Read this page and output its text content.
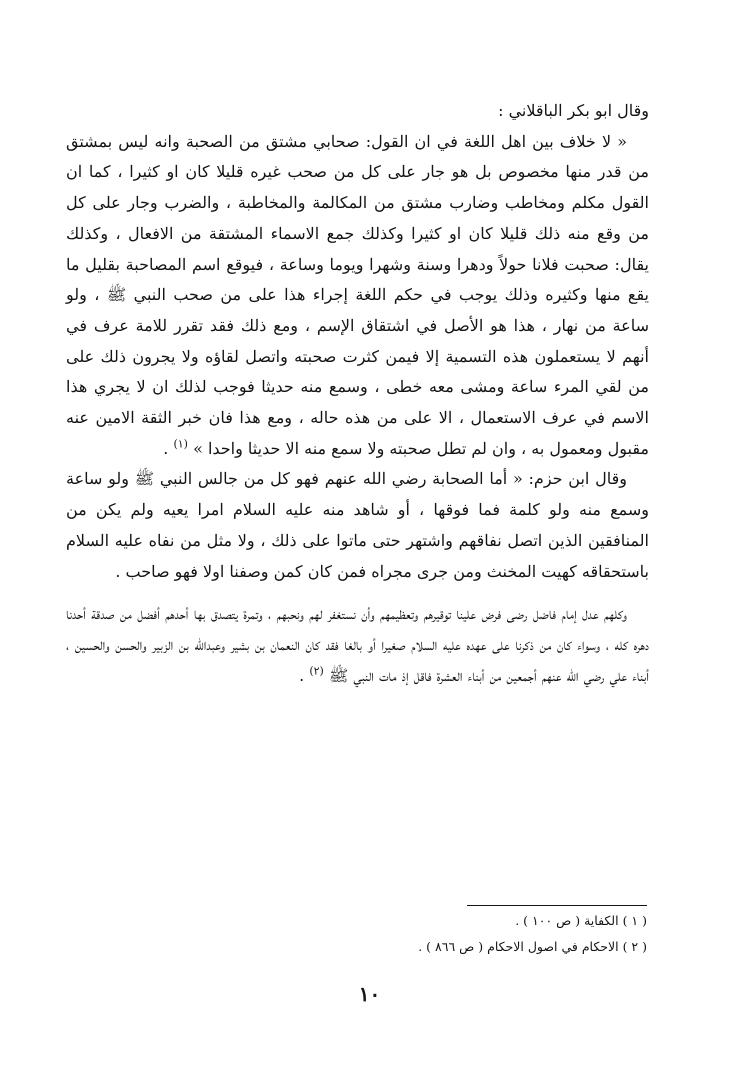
وقال ابو بكر الباقلاني :

« لا خلاف بين اهل اللغة في ان القول: صحابي مشتق من الصحبة وانه ليس بمشتق من قدر منها مخصوص بل هو جار على كل من صحب غيره قليلا كان او كثيرا ، كما ان القول مكلم ومخاطب وضارب مشتق من المكالمة والمخاطبة ، والضرب وجار على كل من وقع منه ذلك قليلا كان او كثيرا وكذلك جمع الاسماء المشتقة من الافعال ، وكذلك يقال: صحبت فلانا حولاً ودهرا وسنة وشهرا ويوما وساعة ، فيوقع اسم المصاحبة بقليل ما يقع منها وكثيره وذلك يوجب في حكم اللغة إجراء هذا على من صحب النبي ﷺ ، ولو ساعة من نهار ، هذا هو الأصل في اشتقاق الإسم ، ومع ذلك فقد تقرر للامة عرف في أنهم لا يستعملون هذه التسمية إلا فيمن كثرت صحبته واتصل لقاؤه ولا يجرون ذلك على من لقي المرء ساعة ومشى معه خطى ، وسمع منه حديثا فوجب لذلك ان لا يجري هذا الاسم في عرف الاستعمال ، الا على من هذه حاله ، ومع هذا فان خبر الثقة الامين عنه مقبول ومعمول به ، وان لم تطل صحبته ولا سمع منه الا حديثا واحدا » $^{(١)}$ .

وقال ابن حزم: « أما الصحابة رضي الله عنهم فهو كل من جالس النبي ﷺ ولو ساعة وسمع منه ولو كلمة فما فوقها ، أو شاهد منه عليه السلام امرا يعيه ولم يكن من المنافقين الذين اتصل نفاقهم واشتهر حتى ماتوا على ذلك ، ولا مثل من نفاه عليه السلام باستحقاقه كهيت المخنث ومن جرى مجراه فمن كان كمن وصفنا اولا فهو صاحب .

وكلهم عدل إمام فاضل رضى فرض علينا توقيرهم وتعظيمهم وأن نستغفر لهم ونحبهم ، وتمرة يتصدق بها أحدهم أفضل من صدقة أحدنا دهره كله ، وسواء كان من ذكرنا على عهده عليه السلام صغيرا أو بالغا فقد كان النعمان بن بشير وعبدالله بن الزبير والحسن والحسين ، أبناء علي رضي الله عنهم أجمعين من أبناء العشرة فاقل إذ مات النبي ﷺ $^{(٢)}$ .

( ١ ) الكفاية ( ص ١٠٠ ) .
( ٢ ) الاحكام في اصول الاحكام ( ص ٨٦٦ ) .
١٠
